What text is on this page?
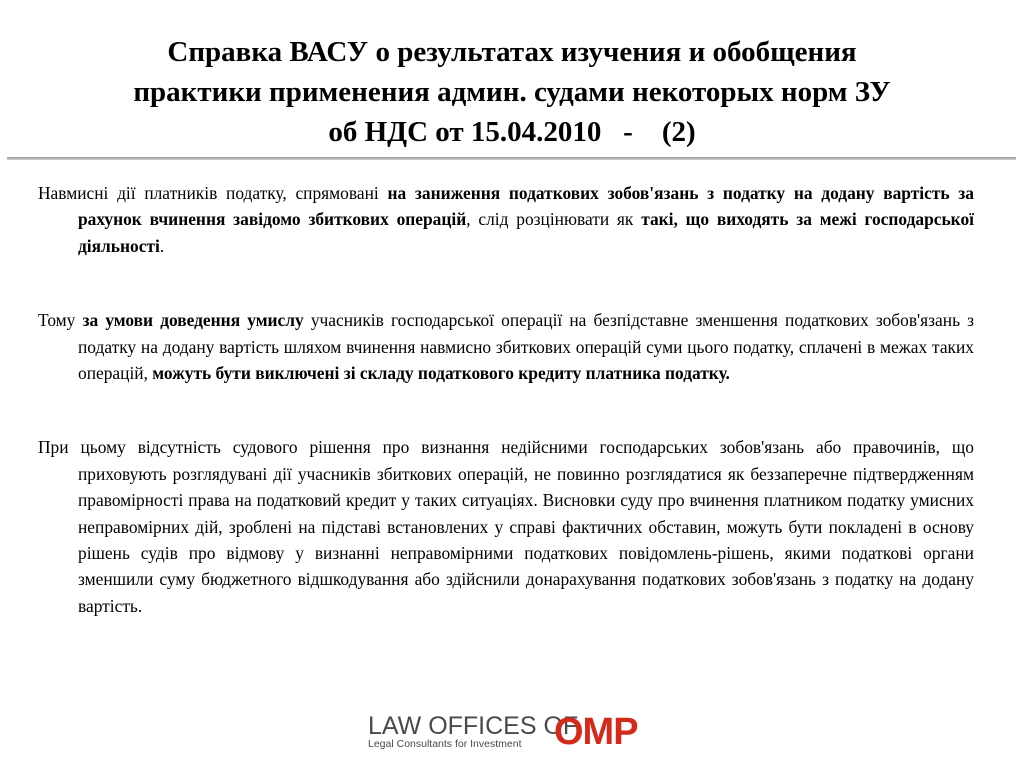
Справка ВАСУ о результатах изучения и обобщения
практики применения админ. судами некоторых норм ЗУ
об НДС от 15.04.2010   -    (2)

Навмисні дії платників податку, спрямовані на заниження податкових зобов'язань з податку на додану вартість за рахунок вчинення завідомо збиткових операцій, слід розцінювати як такі, що виходять за межі господарської діяльності.

Тому за умови доведення умислу учасників господарської операції на безпідставне зменшення податкових зобов'язань з податку на додану вартість шляхом вчинення навмисно збиткових операцій суми цього податку, сплачені в межах таких операцій, можуть бути виключені зі складу податкового кредиту платника податку.

При цьому відсутність судового рішення про визнання недійсними господарських зобов'язань або правочинів, що приховують розглядувані дії учасників збиткових операцій, не повинно розглядатися як беззаперечне підтвердженням правомірності права на податковий кредит у таких ситуаціях. Висновки суду про вчинення платником податку умисних неправомірних дій, зроблені на підставі встановлених у справі фактичних обставин, можуть бути покладені в основу рішень судів про відмову у визнанні неправомірними податкових повідомлень-рішень, якими податкові органи зменшили суму бюджетного відшкодування або здійснили донарахування податкових зобов'язань з податку на додану вартість.

LAW OFFICES OF
Legal Consultants for Investment OMP
